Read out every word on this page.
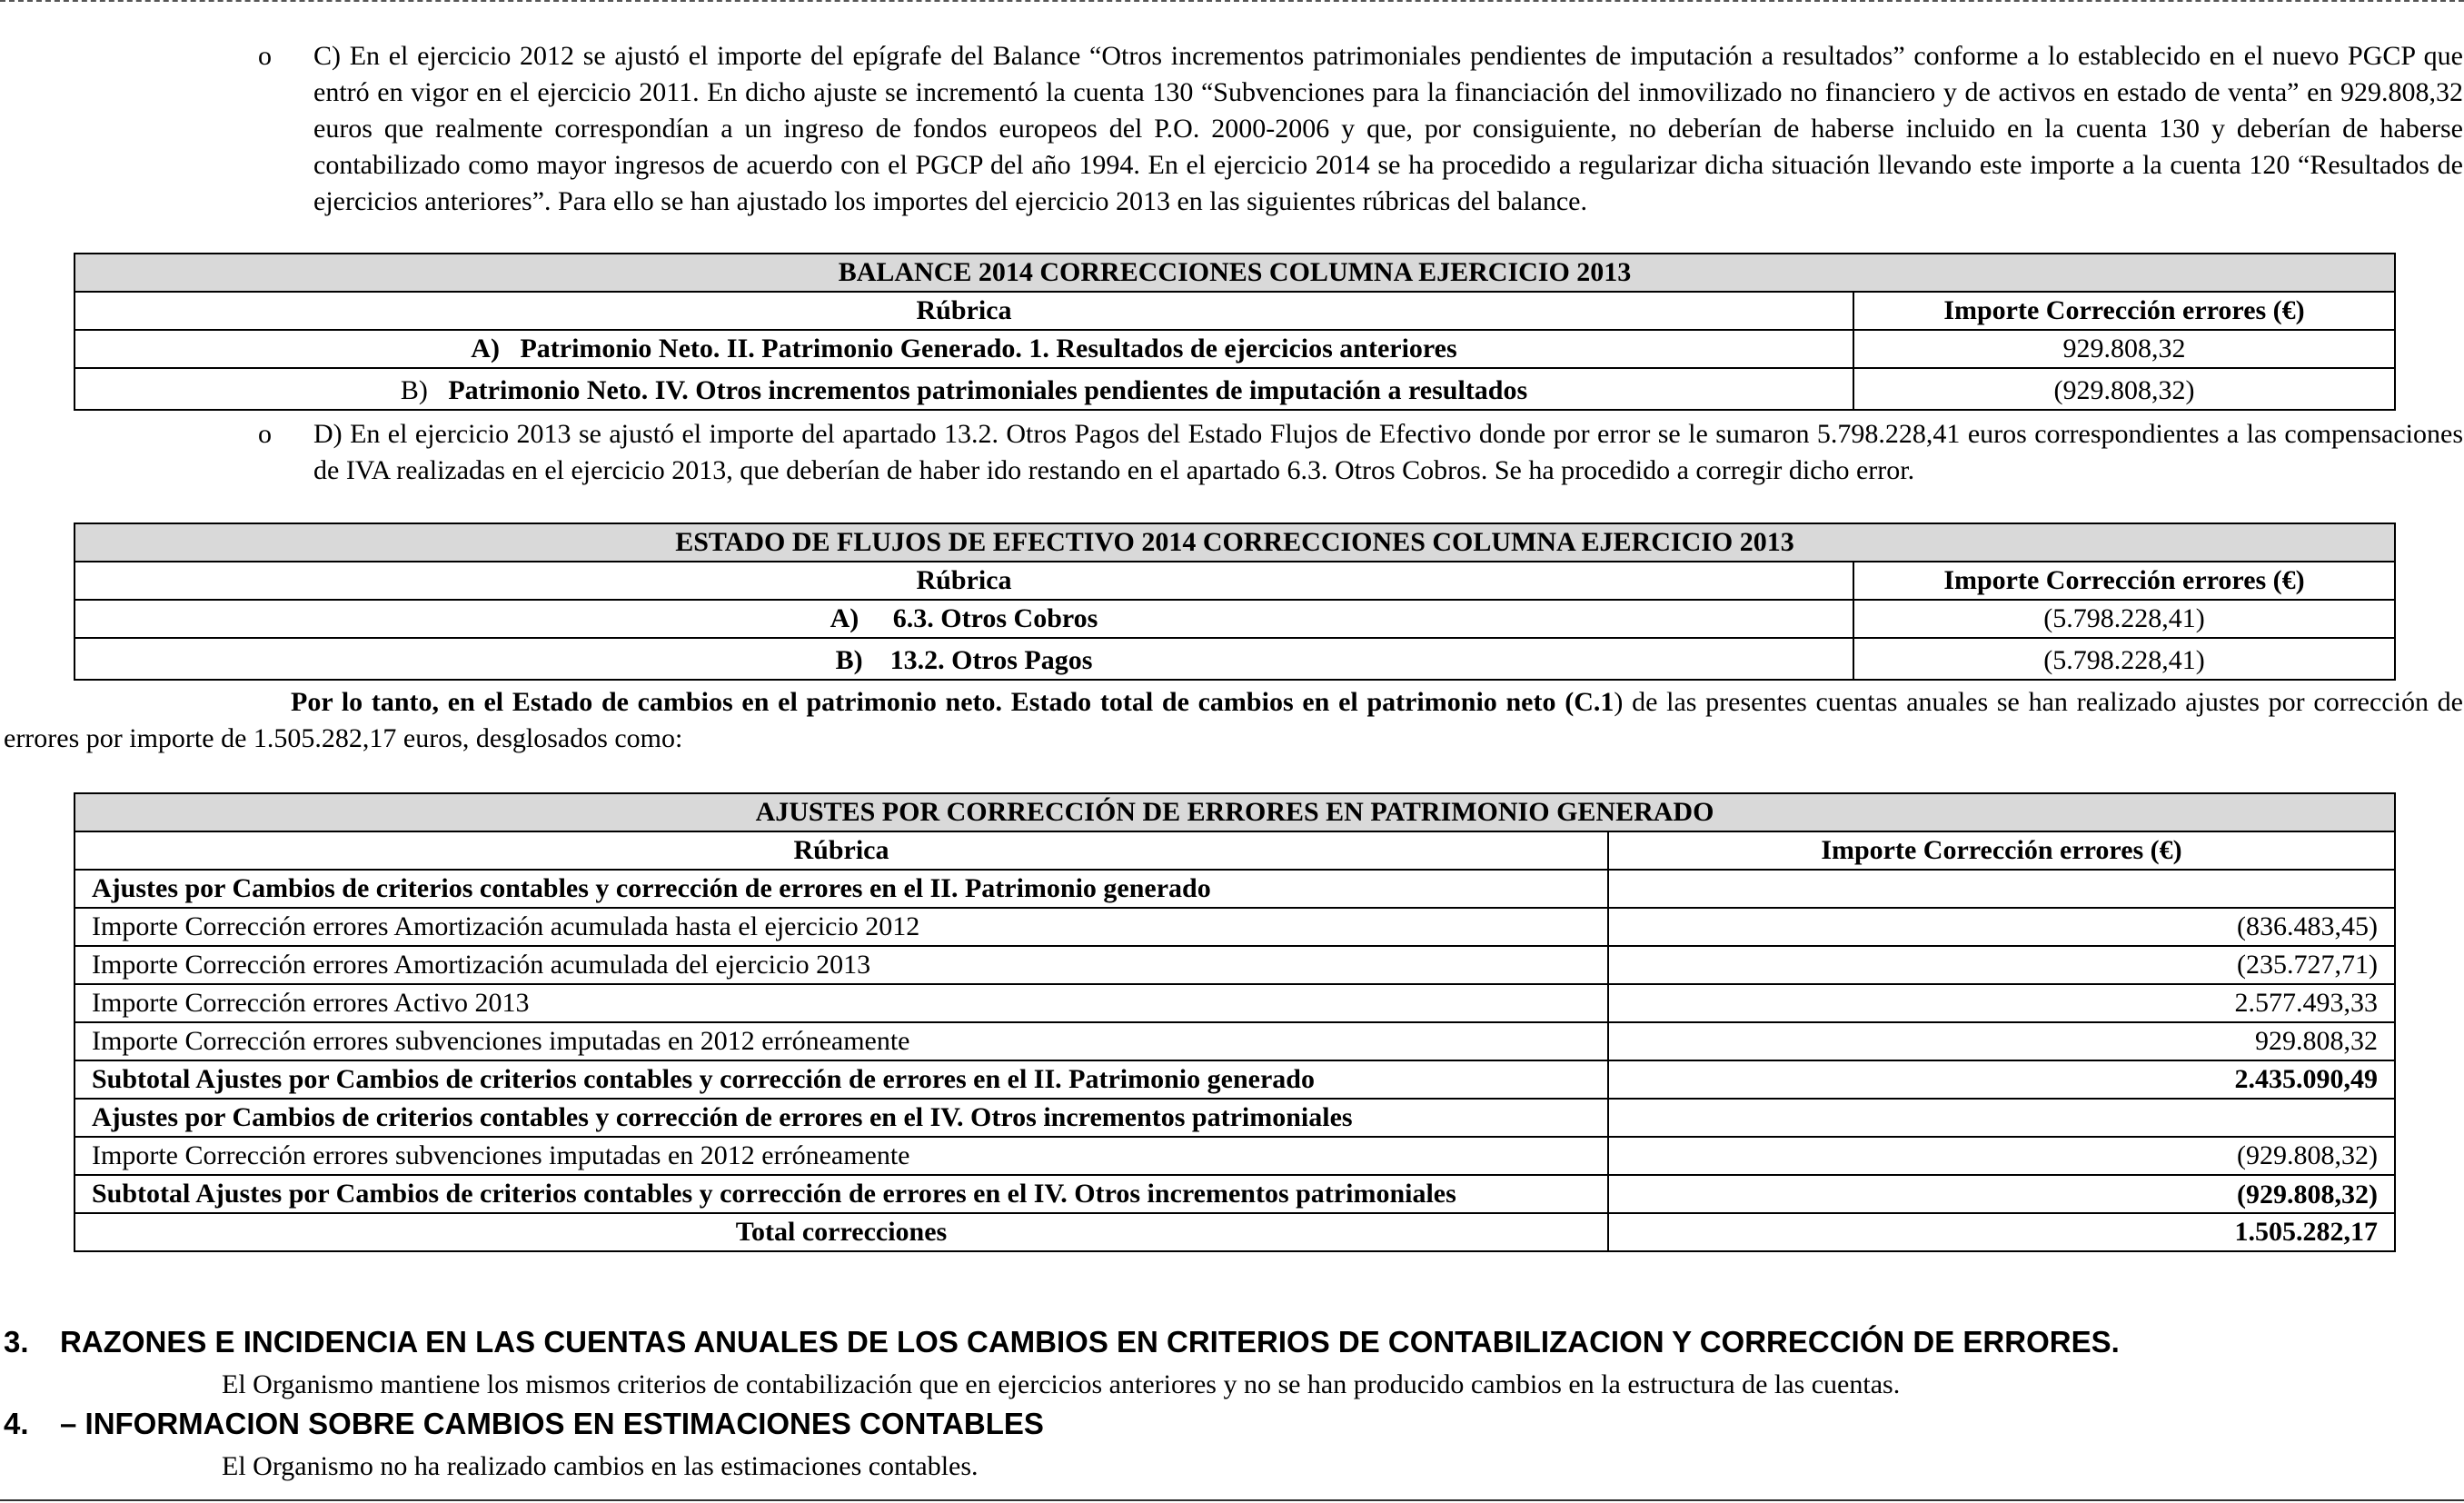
o C) En el ejercicio 2012 se ajustó el importe del epígrafe del Balance “Otros incrementos patrimoniales pendientes de imputación a resultados” conforme a lo establecido en el nuevo PGCP que entró en vigor en el ejercicio 2011. En dicho ajuste se incrementó la cuenta 130 “Subvenciones para la financiación del inmovilizado no financiero y de activos en estado de venta” en 929.808,32 euros que realmente correspondían a un ingreso de fondos europeos del P.O. 2000-2006 y que, por consiguiente, no deberían de haberse incluido en la cuenta 130 y deberían de haberse contabilizado como mayor ingresos de acuerdo con el PGCP del año 1994. En el ejercicio 2014 se ha procedido a regularizar dicha situación llevando este importe a la cuenta 120 “Resultados de ejercicios anteriores”. Para ello se han ajustado los importes del ejercicio 2013 en las siguientes rúbricas del balance.
BALANCE 2014 CORRECCIONES COLUMNA EJERCICIO 2013	
Rúbrica	Importe Corrección errores (€)
A) Patrimonio Neto. II. Patrimonio Generado. 1. Resultados de ejercicios anteriores	929.808,32
B) Patrimonio Neto. IV. Otros incrementos patrimoniales pendientes de imputación a resultados	(929.808,32)
o D) En el ejercicio 2013 se ajustó el importe del apartado 13.2. Otros Pagos del Estado Flujos de Efectivo donde por error se le sumaron 5.798.228,41 euros correspondientes a las compensaciones de IVA realizadas en el ejercicio 2013, que deberían de haber ido restando en el apartado 6.3. Otros Cobros. Se ha procedido a corregir dicho error.
ESTADO DE FLUJOS DE EFECTIVO 2014 CORRECCIONES COLUMNA EJERCICIO 2013	
Rúbrica	Importe Corrección errores (€)
A) 6.3. Otros Cobros	(5.798.228,41)
B) 13.2. Otros Pagos	(5.798.228,41)
Por lo tanto, en el Estado de cambios en el patrimonio neto. Estado total de cambios en el patrimonio neto (C.1) de las presentes cuentas anuales se han realizado ajustes por corrección de errores por importe de 1.505.282,17 euros, desglosados como:
AJUSTES POR CORRECCIÓN DE ERRORES EN PATRIMONIO GENERADO	
Rúbrica	Importe Corrección errores (€)
Ajustes por Cambios de criterios contables y corrección de errores en el II. Patrimonio generado	
Importe Corrección errores Amortización acumulada hasta el ejercicio 2012	(836.483,45)
Importe Corrección errores Amortización acumulada del ejercicio 2013	(235.727,71)
Importe Corrección errores Activo 2013	2.577.493,33
Importe Corrección errores subvenciones imputadas en 2012 erróneamente	929.808,32
Subtotal Ajustes por Cambios de criterios contables y corrección de errores en el II. Patrimonio generado	2.435.090,49
Ajustes por Cambios de criterios contables y corrección de errores en el IV. Otros incrementos patrimoniales	
Importe Corrección errores subvenciones imputadas en 2012 erróneamente	(929.808,32)
Subtotal Ajustes por Cambios de criterios contables y corrección de errores en el IV. Otros incrementos patrimoniales	(929.808,32)
Total correcciones	1.505.282,17
3. RAZONES E INCIDENCIA EN LAS CUENTAS ANUALES DE LOS CAMBIOS EN CRITERIOS DE CONTABILIZACION Y CORRECCIÓN DE ERRORES.
El Organismo mantiene los mismos criterios de contabilización que en ejercicios anteriores y no se han producido cambios en la estructura de las cuentas.
4. – INFORMACION SOBRE CAMBIOS EN ESTIMACIONES CONTABLES
El Organismo no ha realizado cambios en las estimaciones contables.
